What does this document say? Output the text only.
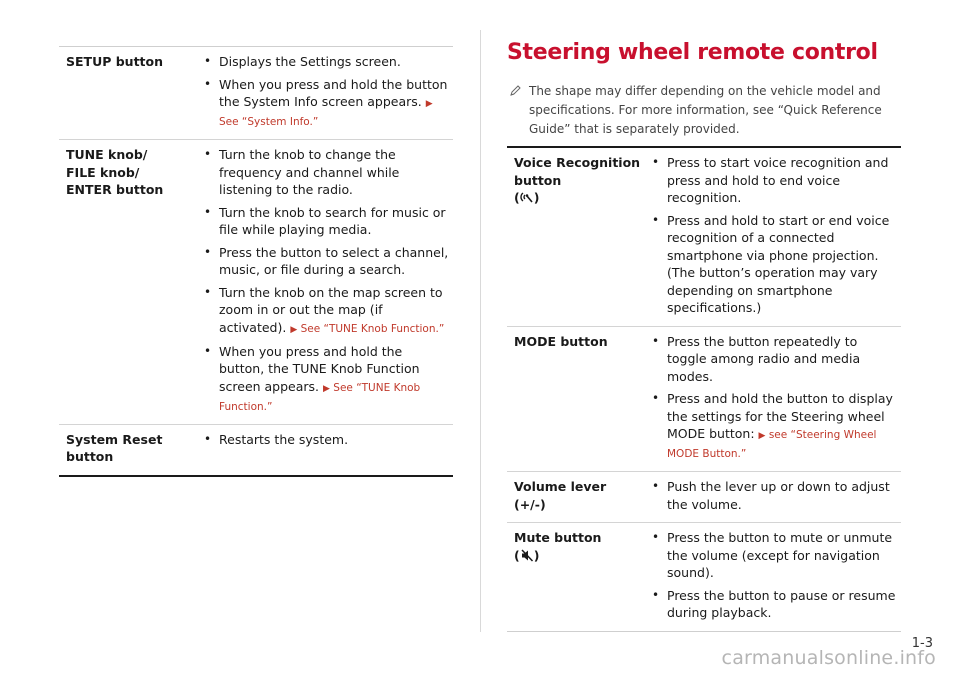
SETUP button	• Displays the Settings screen.
• When you press and hold the button the System Info screen appears. ▶ See “System Info.”
TUNE knob/
FILE knob/
ENTER button
• Turn the knob to change the frequency and channel while listening to the radio.
• Turn the knob to search for music or file while playing media.
• Press the button to select a channel, music, or file during a search.
• Turn the knob on the map screen to zoom in or out the map (if activated). ▶ See “TUNE Knob Function.”
• When you press and hold the button, the TUNE Knob Function screen appears. ▶ See “TUNE Knob Function.”
System Reset
button
• Restarts the system.
Steering wheel remote control
The shape may differ depending on the vehicle model and specifications. For more information, see “Quick Reference Guide” that is separately provided.
Voice Recognition
button
( )
• Press to start voice recognition and press and hold to end voice recognition.
• Press and hold to start or end voice recognition of a connected smartphone via phone projection. (The button’s operation may vary depending on smartphone specifications.)
MODE button	• Press the button repeatedly to toggle among radio and media modes.
• Press and hold the button to display the settings for the Steering wheel MODE button: ▶ see “Steering Wheel MODE Button.”
Volume lever
(+/-)
• Push the lever up or down to adjust the volume.
Mute button
( )
• Press the button to mute or unmute the volume (except for navigation sound).
• Press the button to pause or resume during playback.
1-3
carmanualsonline.info
